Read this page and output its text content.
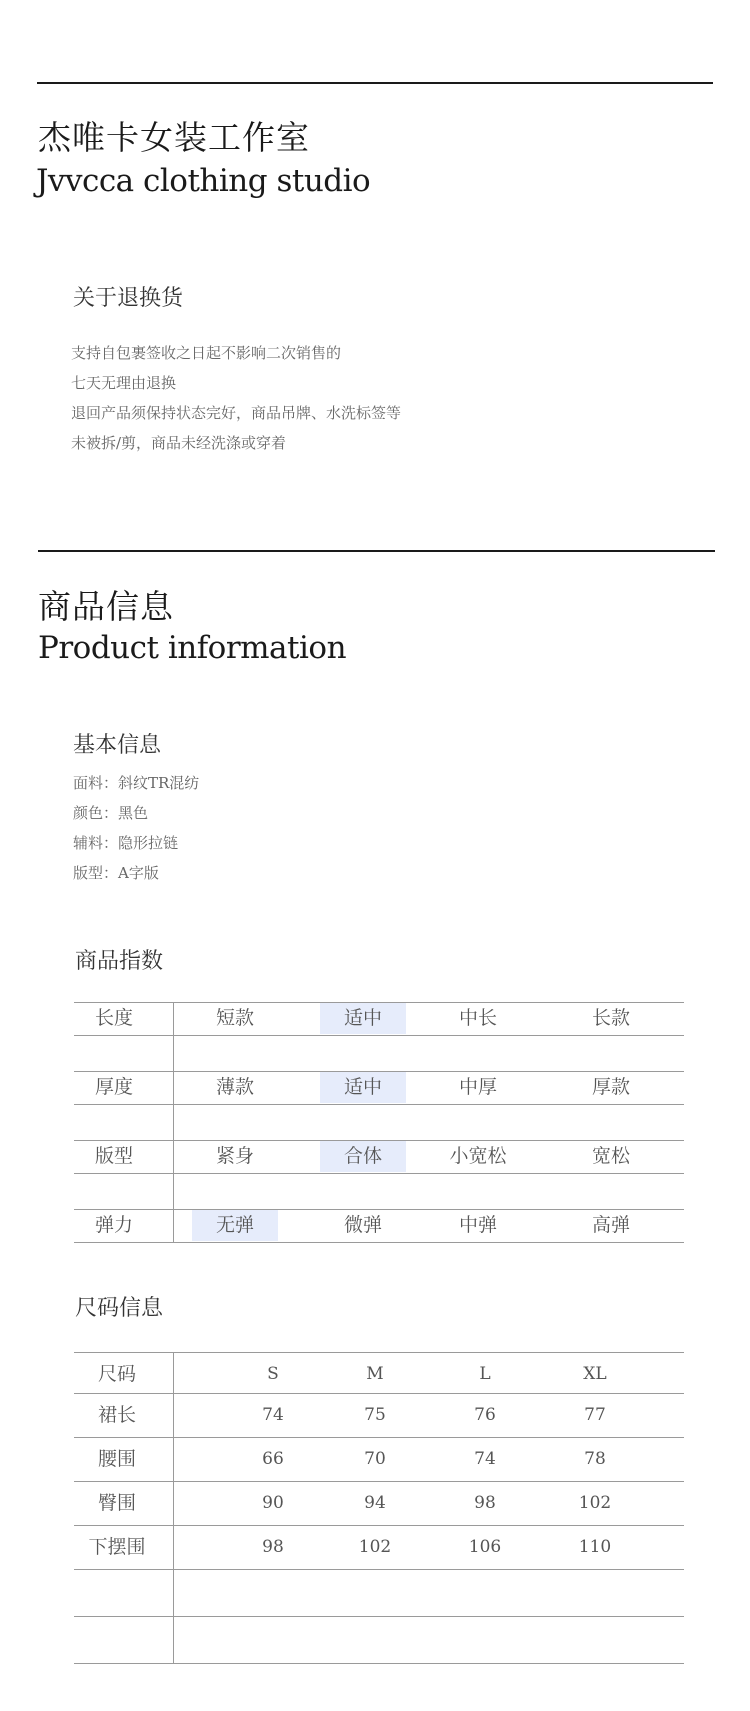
杰唯卡女装工作室
Jvvcca clothing studio
关于退换货
支持自包裹签收之日起不影响二次销售的
七天无理由退换
退回产品须保持状态完好，商品吊牌、水洗标签等
未被拆/剪，商品未经洗涤或穿着
商品信息
Product information
基本信息
面料：斜纹TR混纺
颜色：黑色
辅料：隐形拉链
版型：A字版
商品指数
长度	短款	适中	中长	长款
厚度	薄款	适中	中厚	厚款
版型	紧身	合体	小宽松	宽松
弹力	无弹	微弹	中弹	高弹
尺码信息
尺码	S	M	L	XL
裙长	74	75	76	77
腰围	66	70	74	78
臀围	90	94	98	102
下摆围	98	102	106	110
